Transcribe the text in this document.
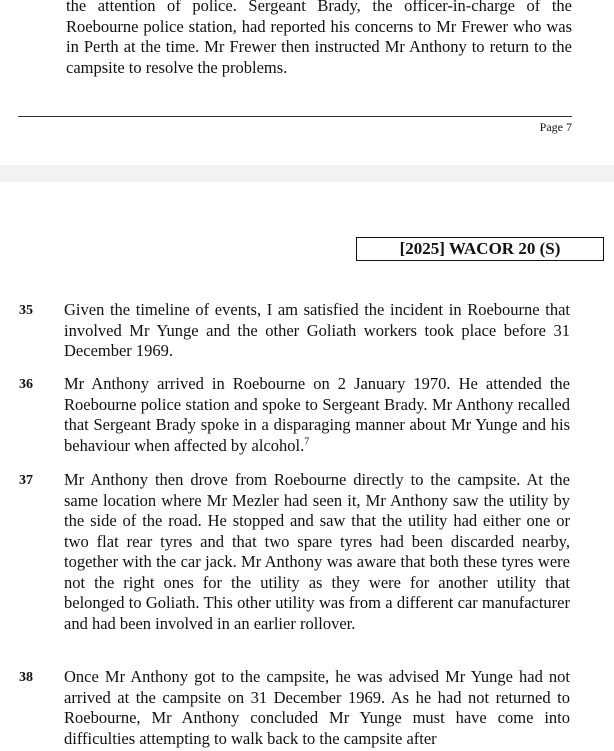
the attention of police. Sergeant Brady, the officer-in-charge of the Roebourne police station, had reported his concerns to Mr Frewer who was in Perth at the time. Mr Frewer then instructed Mr Anthony to return to the campsite to resolve the problems.

Page 7
[2025] WACOR 20 (S)
35 Given the timeline of events, I am satisfied the incident in Roebourne that involved Mr Yunge and the other Goliath workers took place before 31 December 1969.

36 Mr Anthony arrived in Roebourne on 2 January 1970. He attended the Roebourne police station and spoke to Sergeant Brady. Mr Anthony recalled that Sergeant Brady spoke in a disparaging manner about Mr Yunge and his behaviour when affected by alcohol.$^7$

37 Mr Anthony then drove from Roebourne directly to the campsite. At the same location where Mr Mezler had seen it, Mr Anthony saw the utility by the side of the road. He stopped and saw that the utility had either one or two flat rear tyres and that two spare tyres had been discarded nearby, together with the car jack. Mr Anthony was aware that both these tyres were not the right ones for the utility as they were for another utility that belonged to Goliath. This other utility was from a different car manufacturer and had been involved in an earlier rollover.

38 Once Mr Anthony got to the campsite, he was advised Mr Yunge had not arrived at the campsite on 31 December 1969. As he had not returned to Roebourne, Mr Anthony concluded Mr Yunge must have come into difficulties attempting to walk back to the campsite after
